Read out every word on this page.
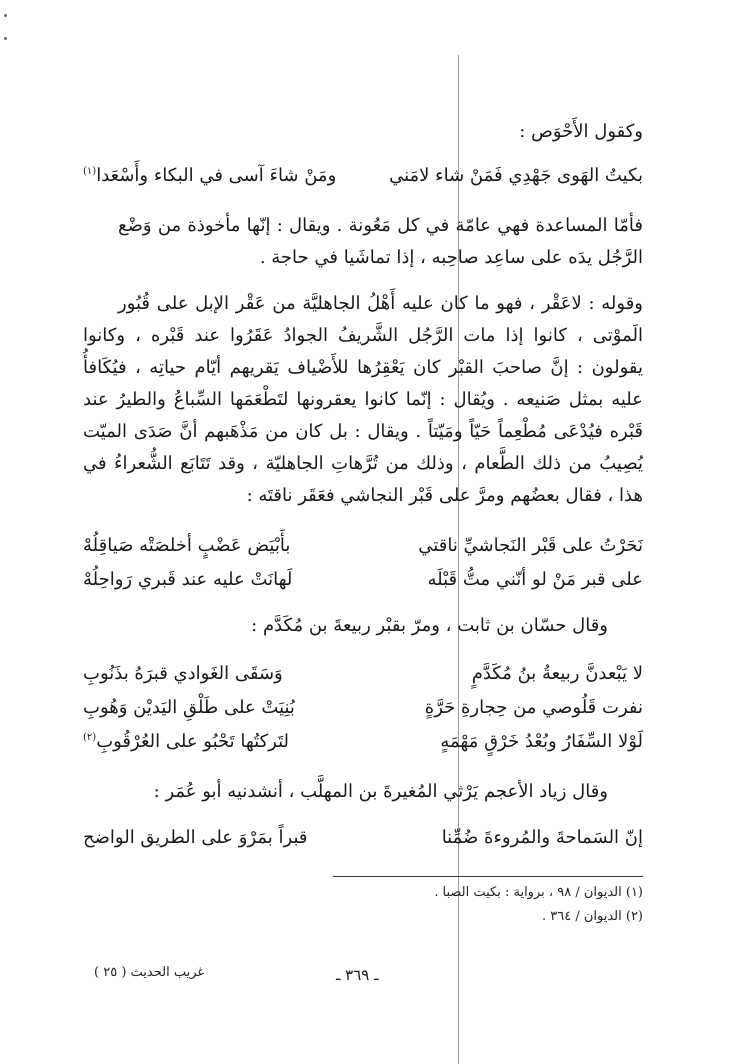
وكقول الأَحْوَص :
بكيتُ الهَوى جَهْدِي فَمَنْ شاء لامَني
ومَنْ شاءَ آسى في البكاء وأَسْعَدا$^{(١)}$
فأمّا المساعدة فهي عامّة في كل مَعُونة . ويقال : إنّها مأخوذة من وَضْع
الرَّجُل يدَه على ساعِد صاحِبه ، إذا تماشَيا في حاجة .
وقوله : لاعَقْر ، فهو ما كان عليه أَهْلُ الجاهليَّة من عَقْر الإبل على قُبُور
الَموْتى ، كانوا إذا مات الرَّجُل الشَّريفُ الجوادُ عَقَرُوا عند قَبْره ، وكانوا
يقولون : إنَّ صاحبَ القبْر كان يَعْقِرُها للأَضْياف يَقريهم أيّام حياتِه ، فيُكَافأُ
عليه بمثل صَنيعه . ويُقال : إنّما كانوا يعقرونها لتَطْعَمَها السِّباعُ والطيرُ عند
قَبْره فيُدْعَى مُطْعِماً حَيّاً ومَيّتاً . ويقال : بل كان من مَذْهَبهم أنَّ صَدَى الميّت
يُصِيبُ من ذلك الطَّعام ، وذلك من تُرَّهاتِ الجاهليّة ، وقد تَتَابَع الشُّعراءُ في
هذا ، فقال بعضُهم ومرَّ على قَبْر النجاشي فعَقَر ناقتَه :
نَحَرْتُ على قَبْر النَجاشيِّ ناقتي
بأَبْيَض عَضْبٍ أخلصَتْه صَياقِلُهْ
على قبر مَنْ لو أنّني متُّ قَبْلَه
لَهانَتْ عليه عند قَبري رَواحِلُهْ
وقال حسّان بن ثابت ، ومرّ بقبْر ربيعةَ بن مُكَدَّم :
لا يَبْعدنَّ ربيعةُ بنُ مُكَدَّمٍ
وَسَقَى الغَوادي قبرَهُ بذَنُوبِ
نفرت قَلُوصي من حِجارةِ حَرَّةٍ
بُنِيَتْ على طَلْقِ اليَديْن وَهُوبِ
لَوْلا السِّفَارُ وبُعْدُ خَرْقٍ مَهْمَهٍ
لتَركتُها تَحْبُو على العُرْقُوبِ$^{(٢)}$
وقال زياد الأعجم يَرْثي المُغيرةَ بن المهلَّب ، أنشدنيه أبو عُمَر :
إنّ السَماحةَ والمُروءةَ ضُمِّنا
قبراً بمَرْوَ على الطريق الواضح
(١) الديوان / ٩٨ ، برواية : بكيت الصبا .
(٢) الديوان / ٣٦٤ .
غريب الحديث ( ٢٥ )	ـ ٣٦٩ ـ
